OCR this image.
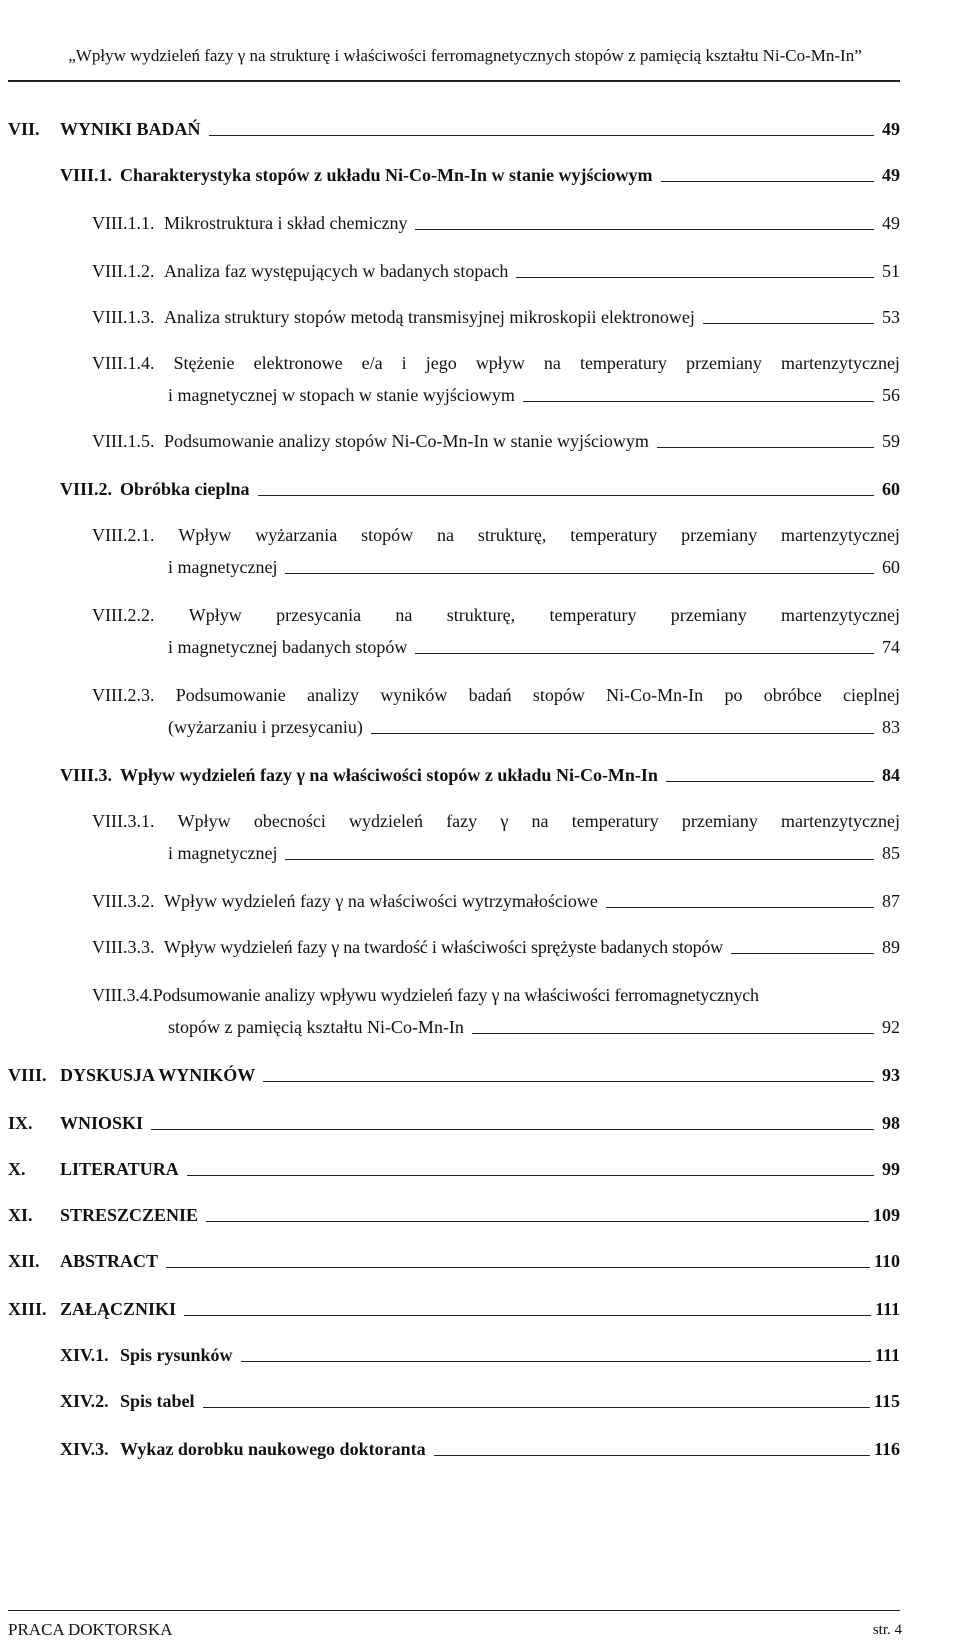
„Wpływ wydzieleń fazy γ na strukturę i właściwości ferromagnetycznych stopów z pamięcią kształtu Ni-Co-Mn-In”
VII.	WYNIKI BADAŃ	49
VIII.1. Charakterystyka stopów z układu Ni-Co-Mn-In w stanie wyjściowym	49
VIII.1.1. Mikrostruktura i skład chemiczny	49
VIII.1.2. Analiza faz występujących w badanych stopach	51
VIII.1.3. Analiza struktury stopów metodą transmisyjnej mikroskopii elektronowej	53
VIII.1.4. Stężenie elektronowe e/a i jego wpływ na temperatury przemiany martenzytycznej
i magnetycznej w stopach w stanie wyjściowym	56
VIII.1.5. Podsumowanie analizy stopów Ni-Co-Mn-In w stanie wyjściowym	59
VIII.2. Obróbka cieplna	60
VIII.2.1. Wpływ wyżarzania stopów na strukturę, temperatury przemiany martenzytycznej
i magnetycznej	60
VIII.2.2. Wpływ przesycania na strukturę, temperatury przemiany martenzytycznej
i magnetycznej badanych stopów	74
VIII.2.3. Podsumowanie analizy wyników badań stopów Ni-Co-Mn-In po obróbce cieplnej
(wyżarzaniu i przesycaniu)	83
VIII.3. Wpływ wydzieleń fazy γ na właściwości stopów z układu Ni-Co-Mn-In	84
VIII.3.1. Wpływ obecności wydzieleń fazy γ na temperatury przemiany martenzytycznej
i magnetycznej	85
VIII.3.2. Wpływ wydzieleń fazy γ na właściwości wytrzymałościowe	87
VIII.3.3. Wpływ wydzieleń fazy γ na twardość i właściwości sprężyste badanych stopów	89
VIII.3.4.Podsumowanie analizy wpływu wydzieleń fazy γ na właściwości ferromagnetycznych
stopów z pamięcią kształtu Ni-Co-Mn-In	92
VIII. DYSKUSJA WYNIKÓW	93
IX.	WNIOSKI	98
X.	LITERATURA	99
XI.	STRESZCZENIE	109
XII.	ABSTRACT	110
XIII. ZAŁĄCZNIKI	111
XIV.1. Spis rysunków	111
XIV.2. Spis tabel	115
XIV.3. Wykaz dorobku naukowego doktoranta	116
PRACA DOKTORSKA	str. 4
